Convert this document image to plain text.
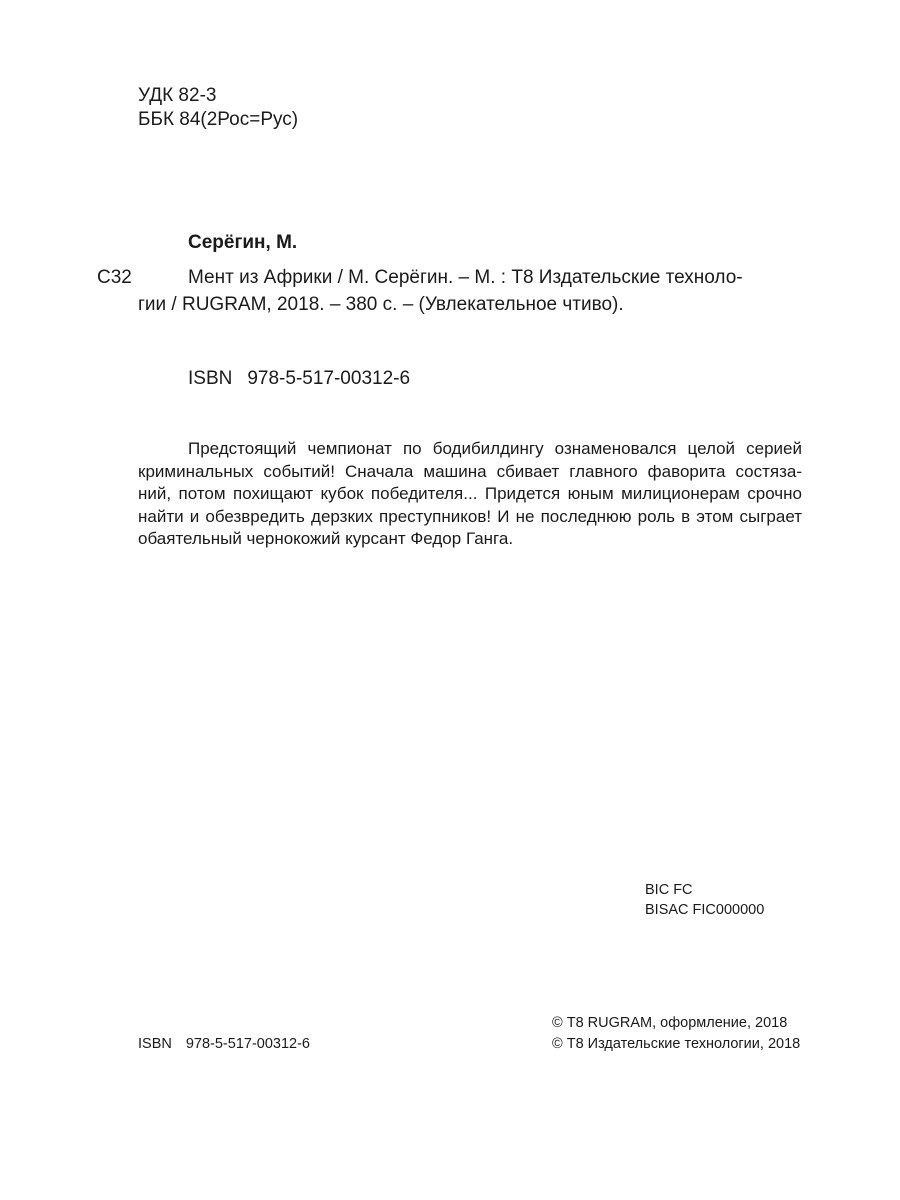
УДК 82-3
ББК 84(2Рос=Рус)
Серёгин, М.
С32	Мент из Африки / М. Серёгин. – М. : Т8 Издательские техноло-
гии / RUGRAM, 2018. – 380 с. – (Увлекательное чтиво).
ISBN 978-5-517-00312-6
Предстоящий чемпионат по бодибилдингу ознаменовался целой серией
криминальных событий! Сначала машина сбивает главного фаворита состяза-
ний, потом похищают кубок победителя... Придется юным милиционерам срочно
найти и обезвредить дерзких преступников! И не последнюю роль в этом сыграет
обаятельный чернокожий курсант Федор Ганга.
BIC FC
BISAC FIC000000
ISBN 978-5-517-00312-6
© Т8 RUGRAM, оформление, 2018
© Т8 Издательские технологии, 2018
